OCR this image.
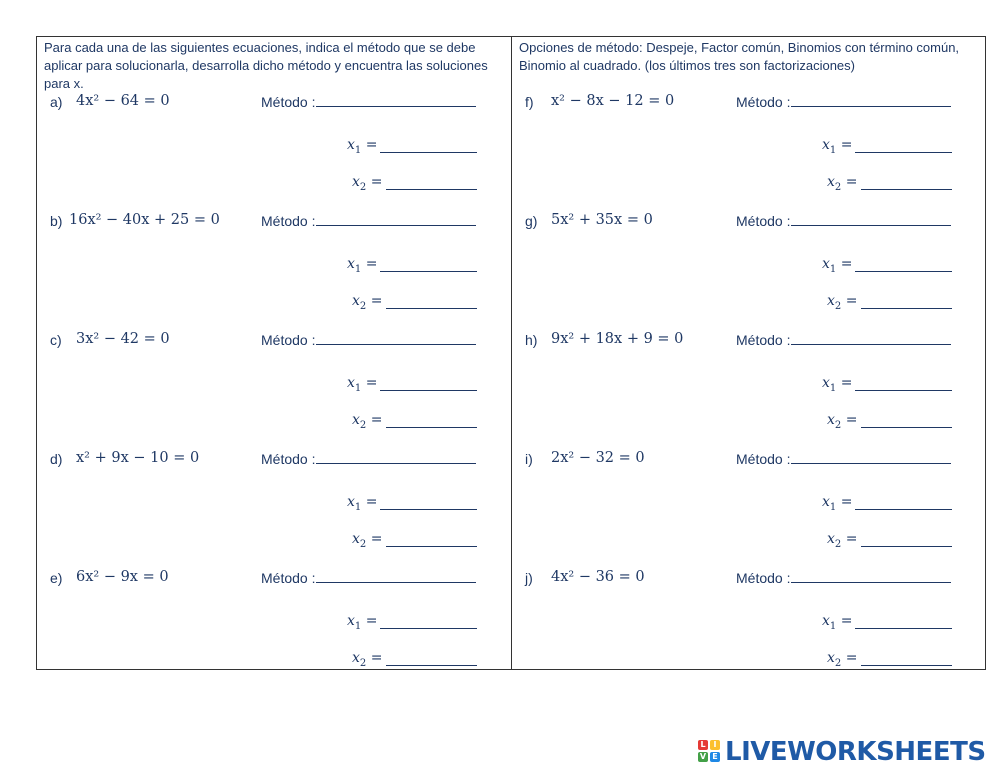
Para cada una de las siguientes ecuaciones, indica el método que se debe aplicar para solucionarla, desarrolla dicho método y encuentra las soluciones para x.
a) 4x² − 64 = 0	Método :
$x_1$ =
$x_2$ =
b) 16x² − 40x + 25 = 0	Método :
$x_1$ =
$x_2$ =
c) 3x² − 42 = 0	Método :
$x_1$ =
$x_2$ =
d) x² + 9x − 10 = 0	Método :
$x_1$ =
$x_2$ =
e) 6x² − 9x = 0	Método :
$x_1$ =
$x_2$ =
Opciones de método: Despeje, Factor común, Binomios con término común, Binomio al cuadrado. (los últimos tres son factorizaciones)
f) x² − 8x − 12 = 0	Método :
$x_1$ =
$x_2$ =
g) 5x² + 35x = 0	Método :
$x_1$ =
$x_2$ =
h) 9x² + 18x + 9 = 0	Método :
$x_1$ =
$x_2$ =
i) 2x² − 32 = 0	Método :
$x_1$ =
$x_2$ =
j) 4x² − 36 = 0	Método :
$x_1$ =
$x_2$ =
L I
V E LIVEWORKSHEETS
